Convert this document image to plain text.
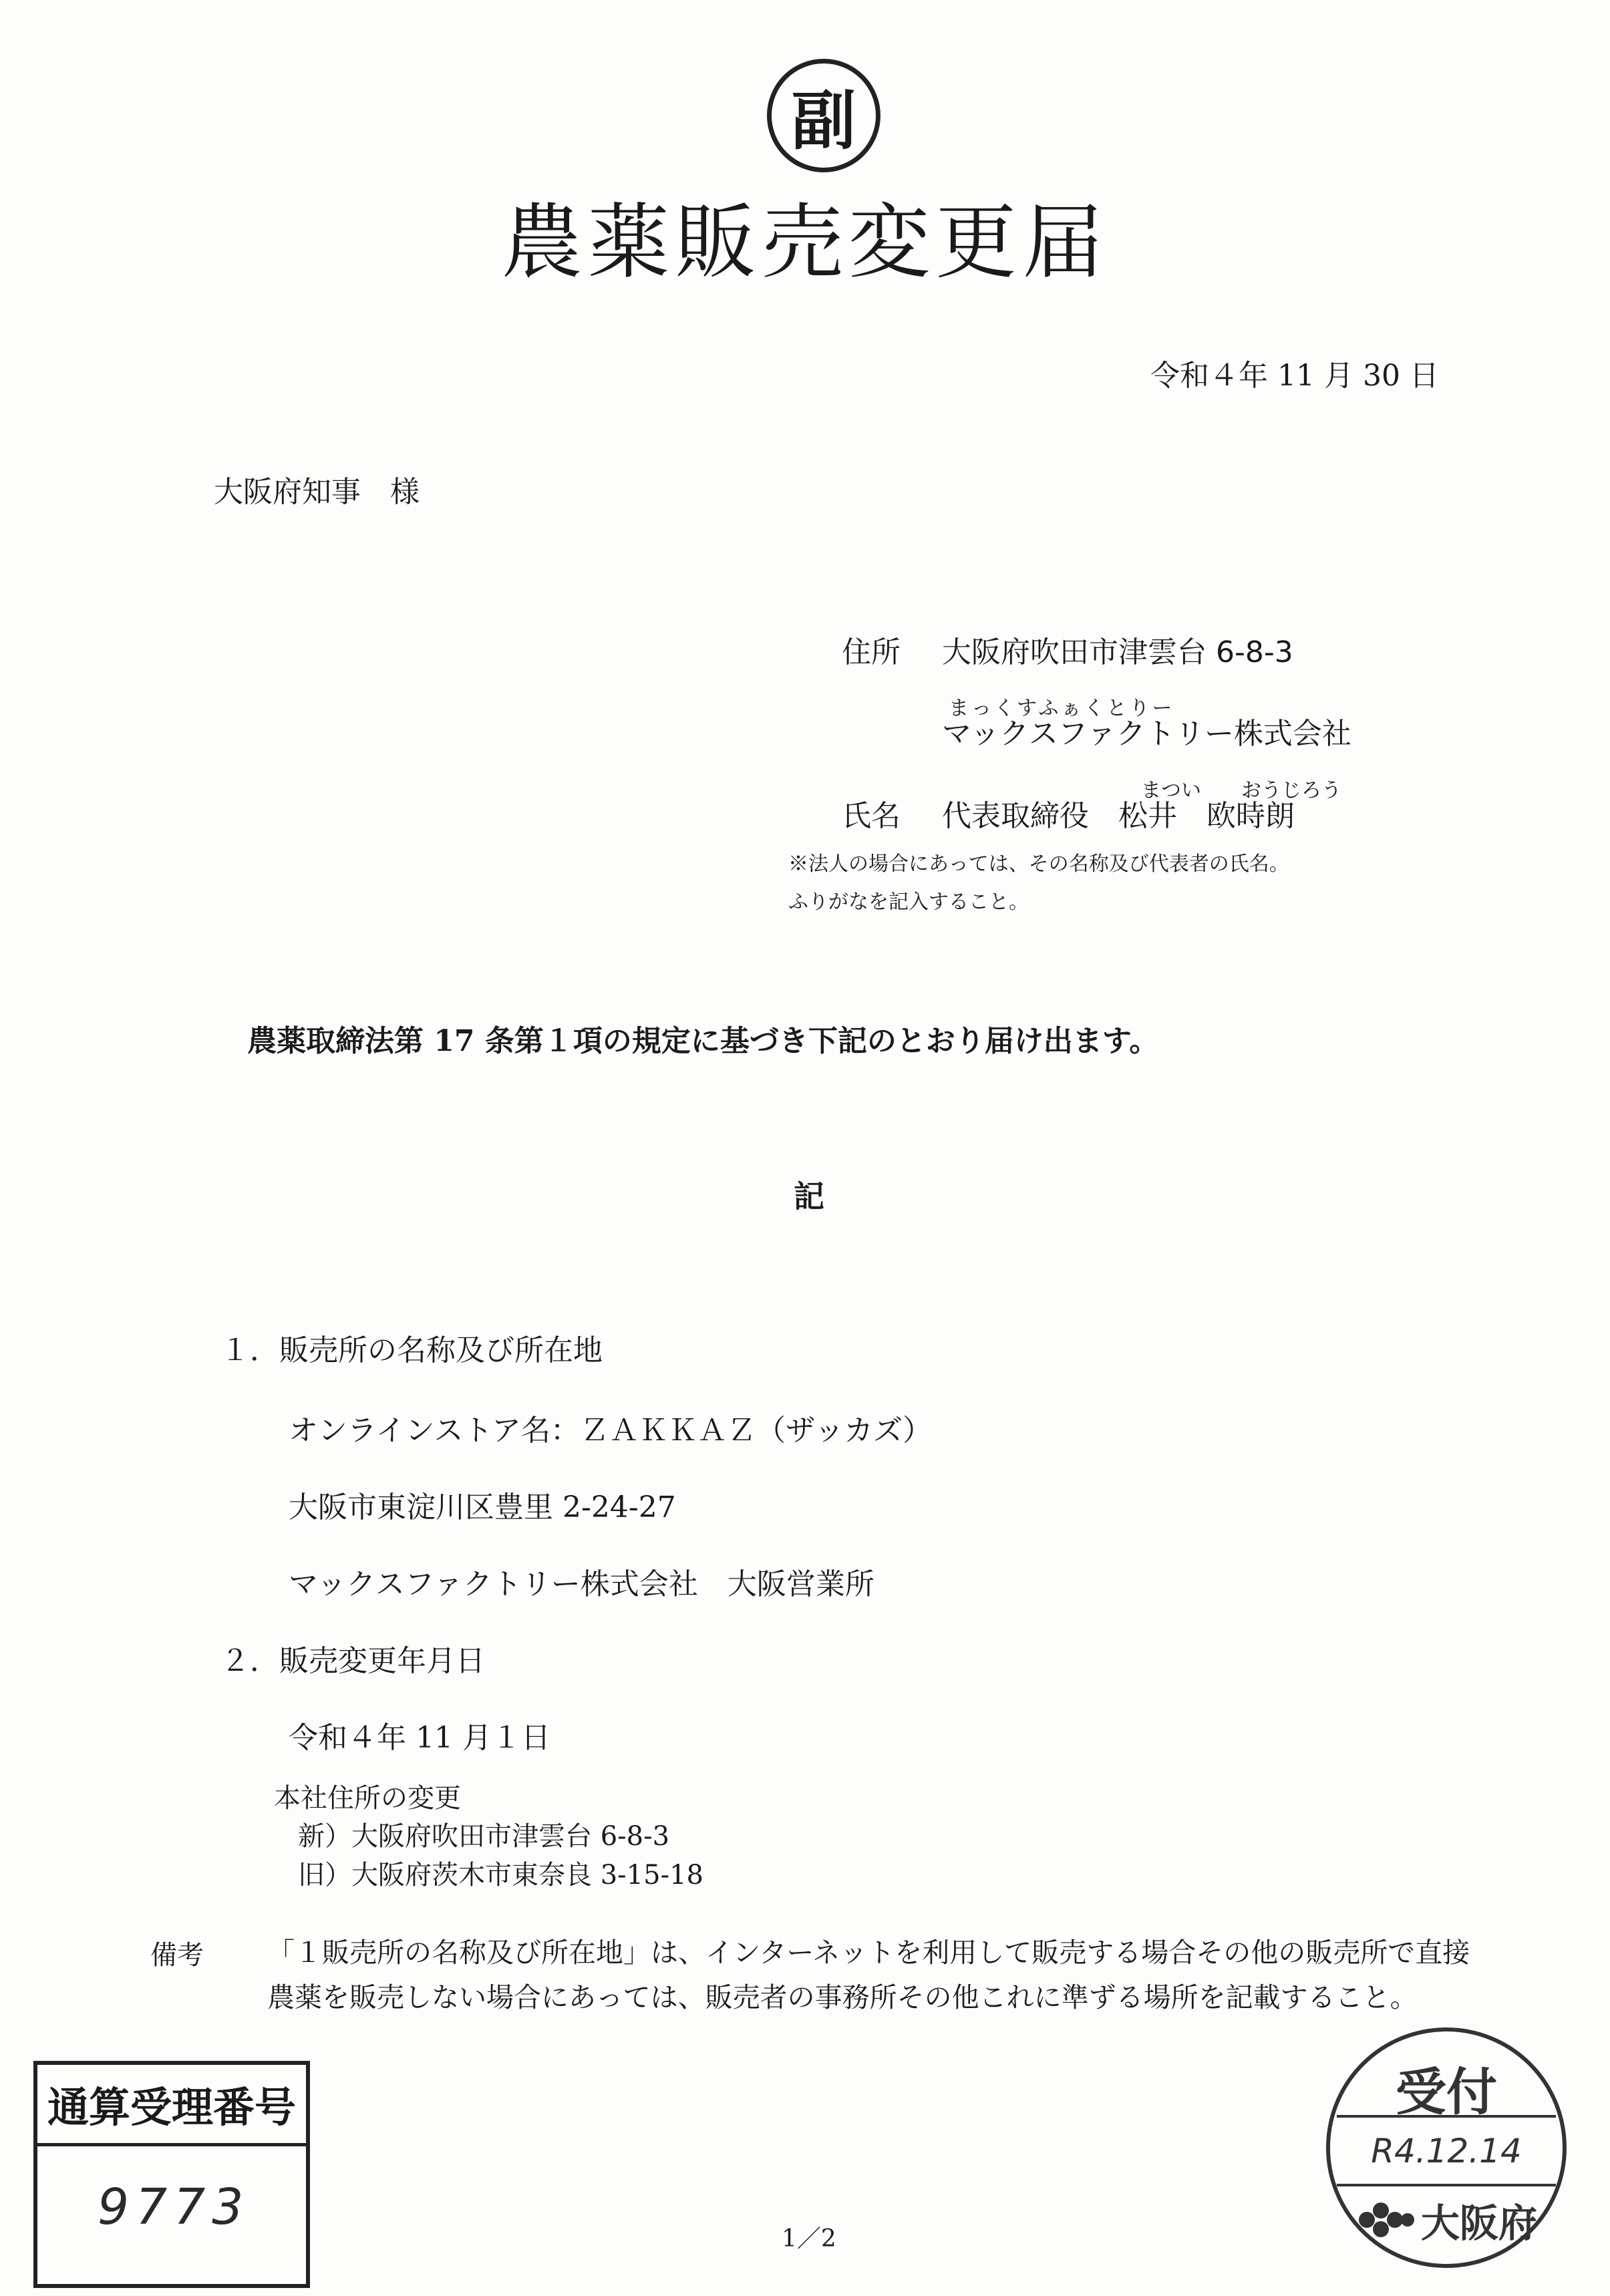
副
農薬販売変更届
令和４年 11 月 30 日
大阪府知事　様
住所 大阪府吹田市津雲台 6-8-3
まっくすふぁくとりー
マックスファクトリー株式会社
まつい おうじろう
氏名 代表取締役　松井　欧時朗
※法人の場合にあっては、その名称及び代表者の氏名。
ふりがなを記入すること。
農薬取締法第 17 条第１項の規定に基づき下記のとおり届け出ます。
記
１．販売所の名称及び所在地
オンラインストア名：ＺＡＫＫＡＺ（ザッカズ）
大阪市東淀川区豊里 2-24-27
マックスファクトリー株式会社　大阪営業所
２．販売変更年月日
令和４年 11 月１日
本社住所の変更
新）大阪府吹田市津雲台 6-8-3
旧）大阪府茨木市東奈良 3-15-18
備考 「１販売所の名称及び所在地」は、インターネットを利用して販売する場合その他の販売所で直接農薬を販売しない場合にあっては、販売者の事務所その他これに準ずる場所を記載すること。
通算受理番号
9773
1／2
受付
R4.12.14
大阪府
